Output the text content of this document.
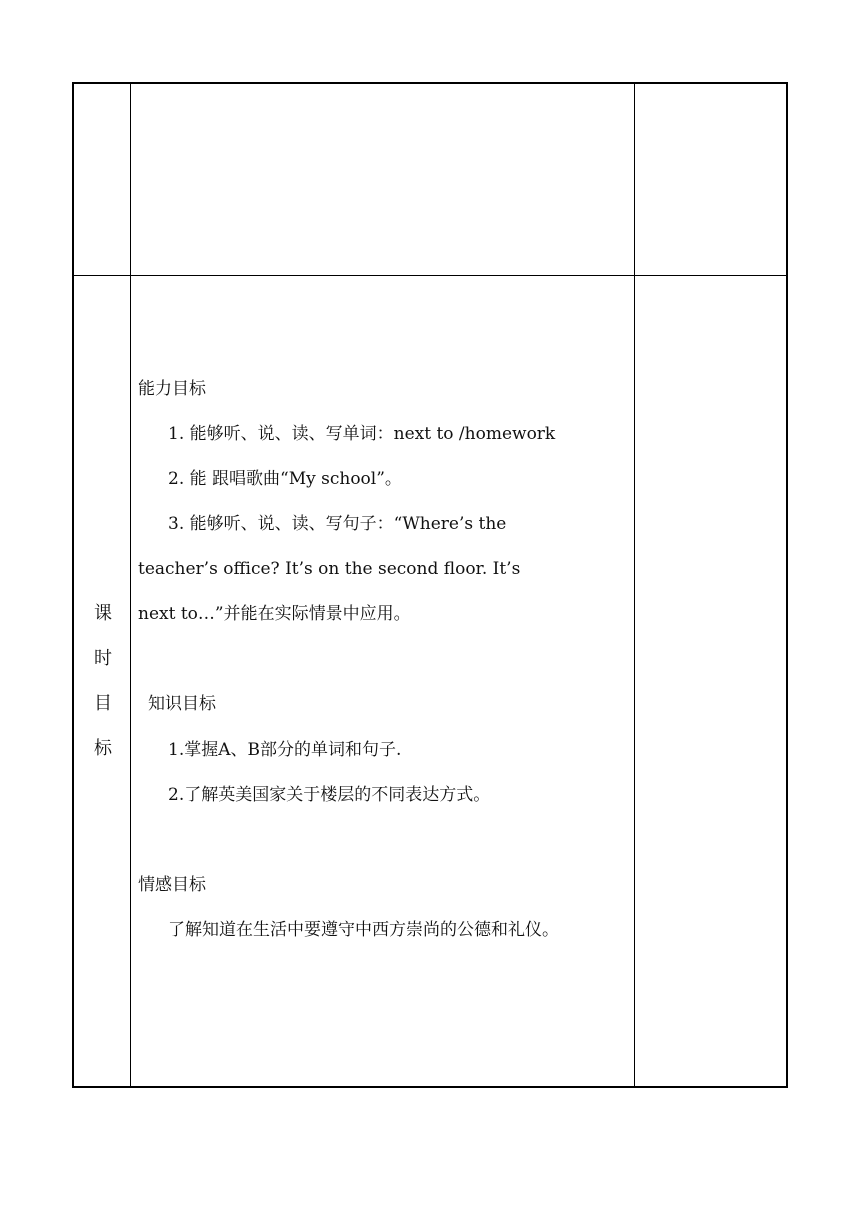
课
时
目
标
能力目标
1. 能够听、说、读、写单词：next to /homework
2. 能 跟唱歌曲“My school”。
3. 能够听、说、读、写句子：“Where’s the
teacher’s office? It’s on the second floor. It’s
next to…”并能在实际情景中应用。
知识目标
1.掌握A、B部分的单词和句子.
2.了解英美国家关于楼层的不同表达方式。
情感目标
了解知道在生活中要遵守中西方崇尚的公德和礼仪。
